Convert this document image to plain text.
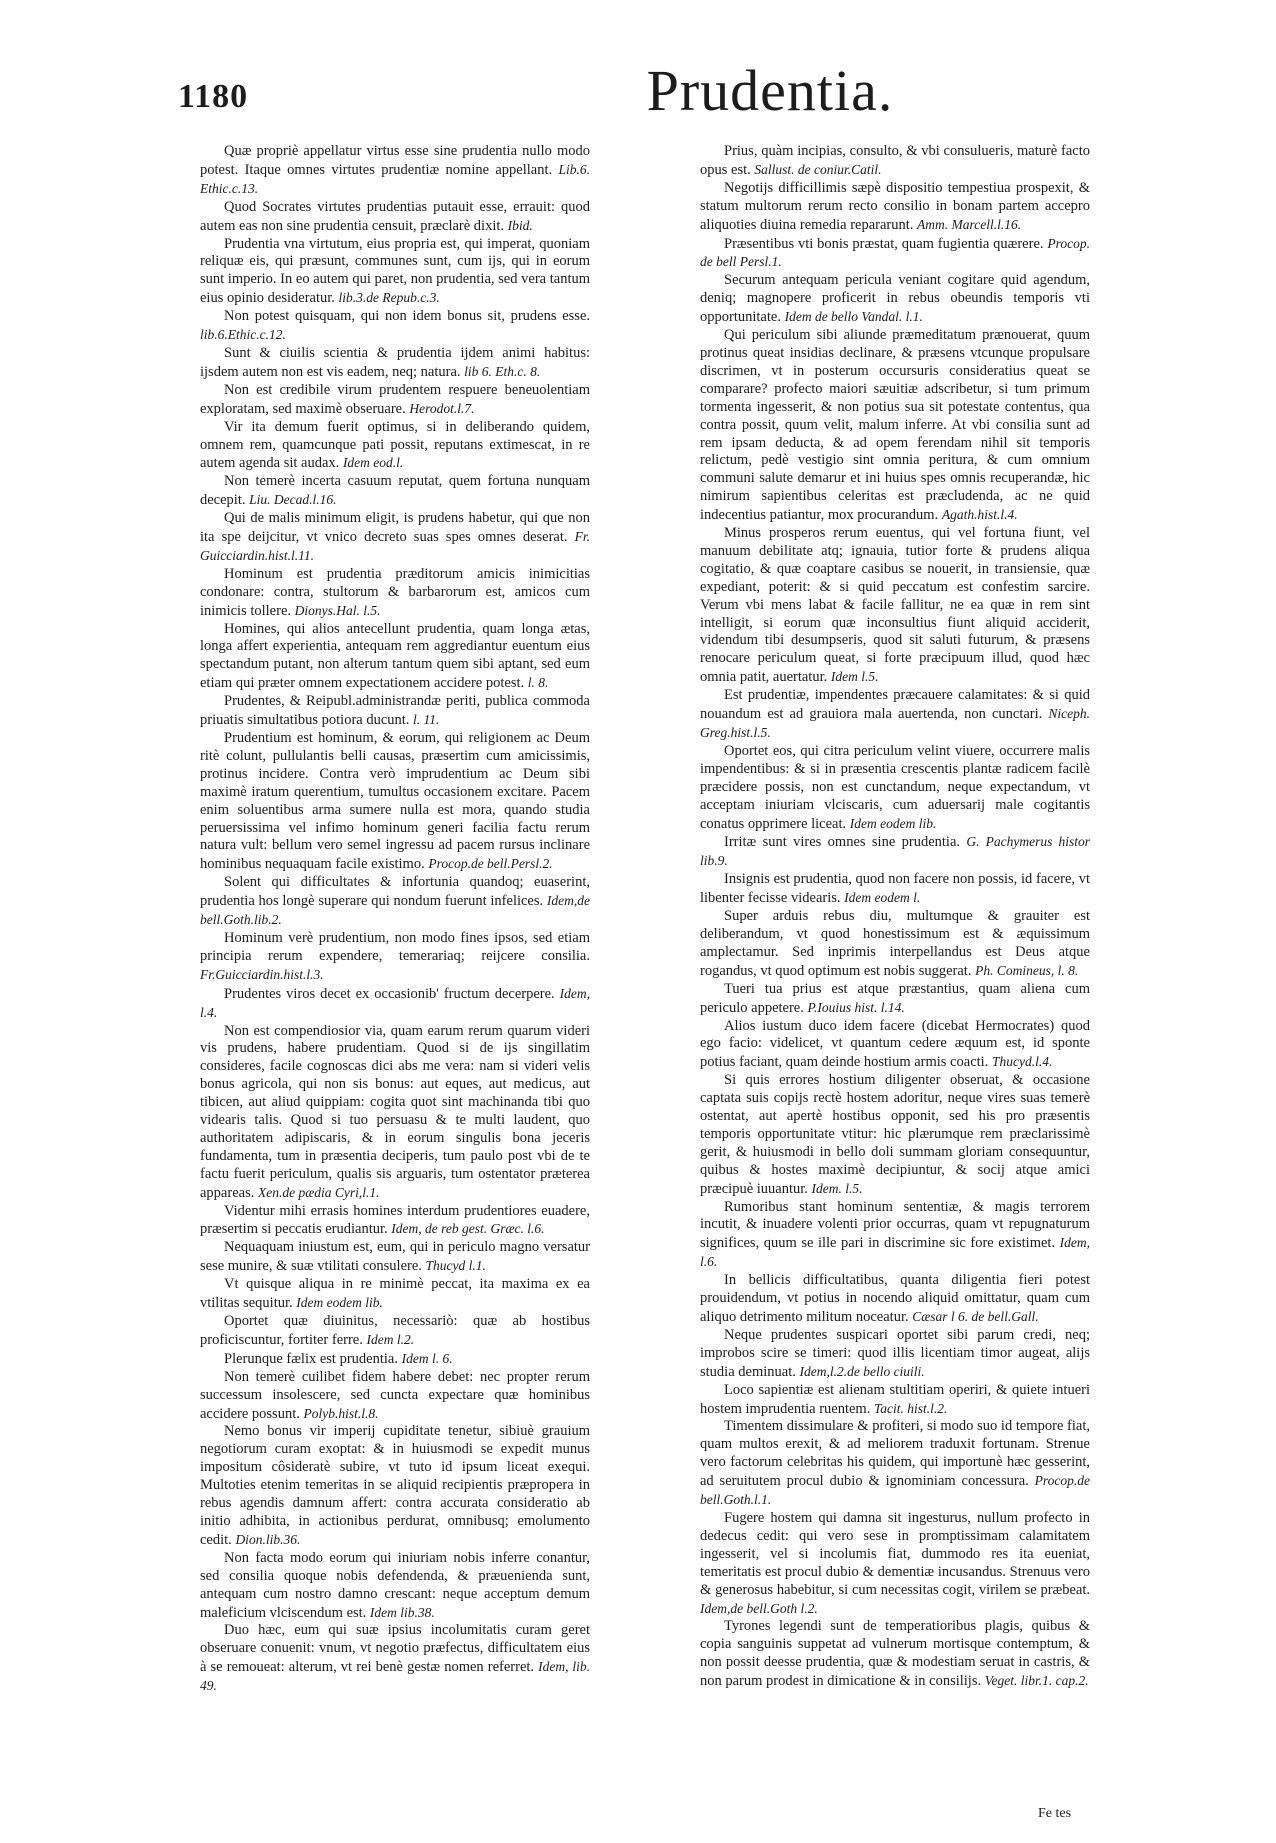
1180	Prudentia.

Quæ propriè appellatur virtus esse sine prudentia nullo modo potest. Itaque omnes virtutes prudentiæ nomine appellant. Lib.6. Ethic.c.13.

Quod Socrates virtutes prudentias putauit esse, errauit: quod autem eas non sine prudentia censuit, præclarè dixit. Ibid.

Prudentia vna virtutum, eius propria est, qui imperat, quoniam reliquæ eis, qui præsunt, communes sunt, cum ijs, qui in eorum sunt imperio. In eo autem qui paret, non prudentia, sed vera tantum eius opinio desideratur. lib.3.de Repub.c.3.

Non potest quisquam, qui non idem bonus sit, prudens esse. lib.6.Ethic.c.12.

Sunt & ciuilis scientia & prudentia ijdem animi habitus: ijsdem autem non est vis eadem, neq; natura. lib 6. Eth.c. 8.

Non est credibile virum prudentem respuere beneuolentiam exploratam, sed maximè obseruare. Herodot.l.7.

Vir ita demum fuerit optimus, si in deliberando quidem, omnem rem, quamcunque pati possit, reputans extimescat, in re autem agenda sit audax. Idem eod.l.

Non temerè incerta casuum reputat, quem fortuna nunquam decepit. Liu. Decad.l.16.

Qui de malis minimum eligit, is prudens habetur, qui que non ita spe deijcitur, vt vnico decreto suas spes omnes deserat. Fr. Guicciardin.hist.l.11.

Hominum est prudentia præditorum amicis inimicitias condonare: contra, stultorum & barbarorum est, amicos cum inimicis tollere. Dionys.Hal. l.5.

Homines, qui alios antecellunt prudentia, quam longa ætas, longa affert experientia, antequam rem aggrediantur euentum eius spectandum putant, non alterum tantum quem sibi aptant, sed eum etiam qui præter omnem expectationem accidere potest. l. 8.

Prudentes, & Reipubl.administrandæ periti, publica commoda priuatis simultatibus potiora ducunt. l. 11.

Prudentium est hominum, & eorum, qui religionem ac Deum ritè colunt, pullulantis belli causas, præsertim cum amicissimis, protinus incidere. Contra verò imprudentium ac Deum sibi maximè iratum querentium, tumultus occasionem excitare. Pacem enim soluentibus arma sumere nulla est mora, quando studia peruersissima vel infimo hominum generi facilia factu rerum natura vult: bellum vero semel ingressu ad pacem rursus inclinare hominibus nequaquam facile existimo. Procop.de bell.Persl.2.

Solent qui difficultates & infortunia quandoq; euaserint, prudentia hos longè superare qui nondum fuerunt infelices. Idem,de bell.Goth.lib.2.

Hominum verè prudentium, non modo fines ipsos, sed etiam principia rerum expendere, temerariaq; reijcere consilia. Fr.Guicciardin.hist.l.3.

Prudentes viros decet ex occasionib' fructum decerpere. Idem, l.4.

Non est compendiosior via, quam earum rerum quarum videri vis prudens, habere prudentiam. Quod si de ijs singillatim consideres, facile cognoscas dici abs me vera: nam si videri velis bonus agricola, qui non sis bonus: aut eques, aut medicus, aut tibicen, aut aliud quippiam: cogita quot sint machinanda tibi quo videaris talis. Quod si tuo persuasu & te multi laudent, quo authoritatem adipiscaris, & in eorum singulis bona jeceris fundamenta, tum in præsentia deciperis, tum paulo post vbi de te factu fuerit periculum, qualis sis arguaris, tum ostentator præterea appareas. Xen.de pædia Cyri,l.1.

Videntur mihi errasis homines interdum prudentiores euadere, præsertim si peccatis erudiantur. Idem, de reb gest. Græc. l.6.

Nequaquam iniustum est, eum, qui in periculo magno versatur sese munire, & suæ vtilitati consulere. Thucyd l.1.

Vt quisque aliqua in re minimè peccat, ita maxima ex ea vtilitas sequitur. Idem eodem lib.

Oportet quæ diuinitus, necessariò: quæ ab hostibus proficiscuntur, fortiter ferre. Idem l.2.

Plerunque fælix est prudentia. Idem l. 6.

Non temerè cuilibet fidem habere debet: nec propter rerum successum insolescere, sed cuncta expectare quæ hominibus accidere possunt. Polyb.hist.l.8.

Nemo bonus vir imperij cupiditate tenetur, sibiuè grauium negotiorum curam exoptat: & in huiusmodi se expedit munus impositum côsideratè subire, vt tuto id ipsum liceat exequi. Multoties etenim temeritas in se aliquid recipientis præpropera in rebus agendis damnum affert: contra accurata consideratio ab initio adhibita, in actionibus perdurat, omnibusq; emolumento cedit. Dion.lib.36.

Non facta modo eorum qui iniuriam nobis inferre conantur, sed consilia quoque nobis defendenda, & præuenienda sunt, antequam cum nostro damno crescant: neque acceptum demum maleficium vlciscendum est. Idem lib.38.

Duo hæc, eum qui suæ ipsius incolumitatis curam geret obseruare conuenit: vnum, vt negotio præfectus, difficultatem eius à se remoueat: alterum, vt rei benè gestæ nomen referret. Idem, lib. 49.

Prius, quàm incipias, consulto, & vbi consulueris, maturè facto opus est. Sallust. de coniur.Catil.

Negotijs difficillimis sæpè dispositio tempestiua prospexit, & statum multorum rerum recto consilio in bonam partem accepro aliquoties diuina remedia repararunt. Amm. Marcell.l.16.

Præsentibus vti bonis præstat, quam fugientia quærere. Procop. de bell Persl.1.

Securum antequam pericula veniant cogitare quid agendum, deniq; magnopere proficerit in rebus obeundis temporis vti opportunitate. Idem de bello Vandal. l.1.

Qui periculum sibi aliunde præmeditatum prænouerat, quum protinus queat insidias declinare, & præsens vtcunque propulsare discrimen, vt in posterum occursuris consideratius queat se comparare? profecto maiori sæuitiæ adscribetur, si tum primum tormenta ingesserit, & non potius sua sit potestate contentus, qua contra possit, quum velit, malum inferre. At vbi consilia sunt ad rem ipsam deducta, & ad opem ferendam nihil sit temporis relictum, pedè vestigio sint omnia peritura, & cum omnium communi salute demarur et ini huius spes omnis recuperandæ, hic nimirum sapientibus celeritas est præcludenda, ac ne quid indecentius patiantur, mox procurandum. Agath.hist.l.4.

Minus prosperos rerum euentus, qui vel fortuna fiunt, vel manuum debilitate atq; ignauia, tutior forte & prudens aliqua cogitatio, & quæ coaptare casibus se nouerit, in transiensie, quæ expediant, poterit: & si quid peccatum est confestim sarcire. Verum vbi mens labat & facile fallitur, ne ea quæ in rem sint intelligit, si eorum quæ inconsultius fiunt aliquid acciderit, videndum tibi desumpseris, quod sit saluti futurum, & præsens renocare periculum queat, si forte præcipuum illud, quod hæc omnia patit, auertatur. Idem l.5.

Est prudentiæ, impendentes præcauere calamitates: & si quid nouandum est ad grauiora mala auertenda, non cunctari. Niceph. Greg.hist.l.5.

Oportet eos, qui citra periculum velint viuere, occurrere malis impendentibus: & si in præsentia crescentis plantæ radicem facilè præcidere possis, non est cunctandum, neque expectandum, vt acceptam iniuriam vlciscaris, cum aduersarij male cogitantis conatus opprimere liceat. Idem eodem lib.

Irritæ sunt vires omnes sine prudentia. G. Pachymerus histor lib.9.

Insignis est prudentia, quod non facere non possis, id facere, vt libenter fecisse videaris. Idem eodem l.

Super arduis rebus diu, multumque & grauiter est deliberandum, vt quod honestissimum est & æquissimum amplectamur. Sed inprimis interpellandus est Deus atque rogandus, vt quod optimum est nobis suggerat. Ph. Comineus, l. 8.

Tueri tua prius est atque præstantius, quam aliena cum periculo appetere. P.Iouius hist. l.14.

Alios iustum duco idem facere (dicebat Hermocrates) quod ego facio: videlicet, vt quantum cedere æquum est, id sponte potius faciant, quam deinde hostium armis coacti. Thucyd.l.4.

Si quis errores hostium diligenter obseruat, & occasione captata suis copijs rectè hostem adoritur, neque vires suas temerè ostentat, aut apertè hostibus opponit, sed his pro præsentis temporis opportunitate vtitur: hic plærumque rem præclarissimè gerit, & huiusmodi in bello doli summam gloriam consequuntur, quibus & hostes maximè decipiuntur, & socij atque amici præcipuè iuuantur. Idem. l.5.

Rumoribus stant hominum sententiæ, & magis terrorem incutit, & inuadere volenti prior occurras, quam vt repugnaturum significes, quum se ille pari in discrimine sic fore existimet. Idem, l.6.

In bellicis difficultatibus, quanta diligentia fieri potest prouidendum, vt potius in nocendo aliquid omittatur, quam cum aliquo detrimento militum noceatur. Cæsar l 6. de bell.Gall.

Neque prudentes suspicari oportet sibi parum credi, neq; improbos scire se timeri: quod illis licentiam timor augeat, alijs studia deminuat. Idem,l.2.de bello ciuili.

Loco sapientiæ est alienam stultitiam operiri, & quiete intueri hostem imprudentia ruentem. Tacit. hist.l.2.

Timentem dissimulare & profiteri, si modo suo id tempore fiat, quam multos erexit, & ad meliorem traduxit fortunam. Strenue vero factorum celebritas his quidem, qui importunè hæc gesserint, ad seruitutem procul dubio & ignominiam concessura. Procop.de bell.Goth.l.1.

Fugere hostem qui damna sit ingesturus, nullum profecto in dedecus cedit: qui vero sese in promptissimam calamitatem ingesserit, vel si incolumis fiat, dummodo res ita eueniat, temeritatis est procul dubio & dementiæ incusandus. Strenuus vero & generosus habebitur, si cum necessitas cogit, virilem se præbeat. Idem,de bell.Goth l.2.

Tyrones legendi sunt de temperatioribus plagis, quibus & copia sanguinis suppetat ad vulnerum mortisque contemptum, & non possit deesse prudentia, quæ & modestiam seruat in castris, & non parum prodest in dimicatione & in consilijs. Veget. libr.1. cap.2.

Fe tes
